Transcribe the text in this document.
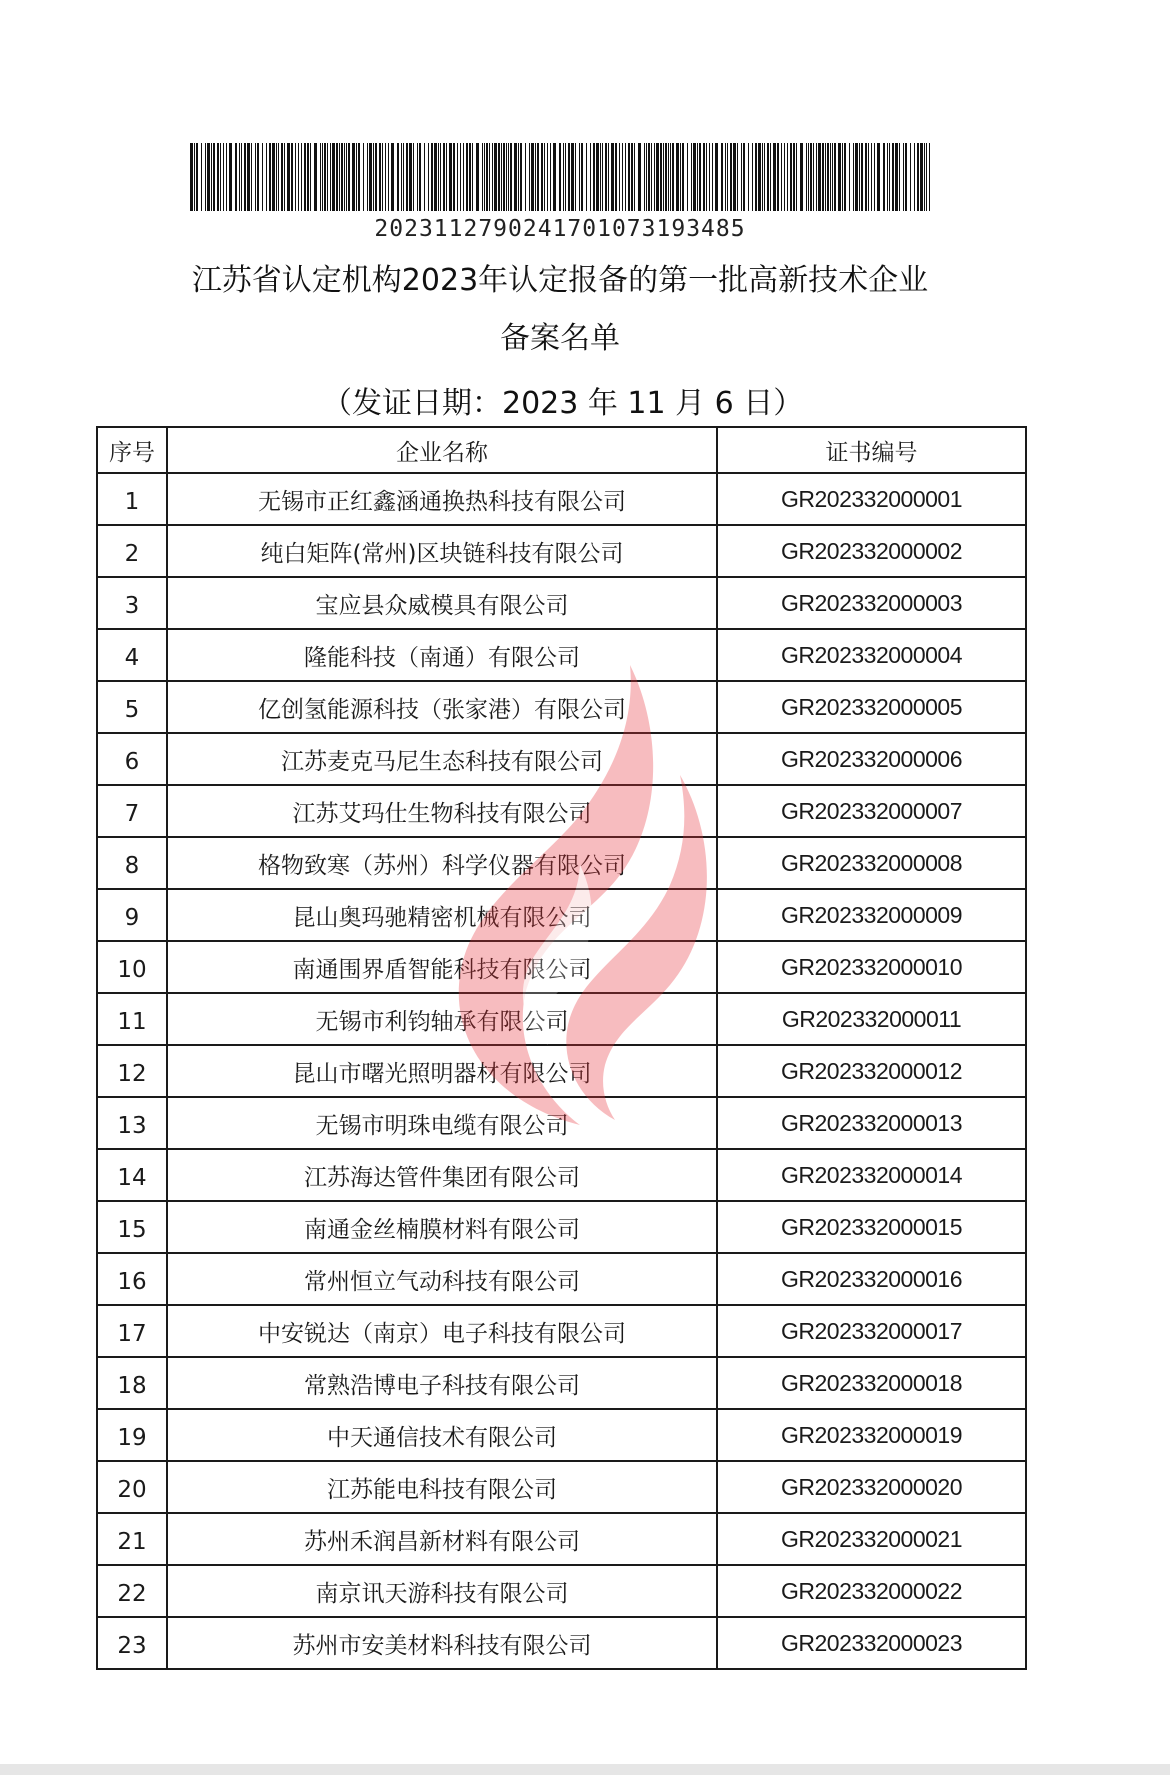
20231127902417010731934​85
江苏省认定机构2023年认定报备的第一批高新技术企业
备案名单
（发证日期：2023 年 11 月 6 日）
序号	企业名称	证书编号
1	无锡市正红鑫涵通换热科技有限公司	GR202332000001
2	纯白矩阵(常州)区块链科技有限公司	GR202332000002
3	宝应县众威模具有限公司	GR202332000003
4	隆能科技（南通）有限公司	GR202332000004
5	亿创氢能源科技（张家港）有限公司	GR202332000005
6	江苏麦克马尼生态科技有限公司	GR202332000006
7	江苏艾玛仕生物科技有限公司	GR202332000007
8	格物致寒（苏州）科学仪器有限公司	GR202332000008
9	昆山奥玛驰精密机械有限公司	GR202332000009
10	南通围界盾智能科技有限公司	GR202332000010
11	无锡市利钧轴承有限公司	GR202332000011
12	昆山市曙光照明器材有限公司	GR202332000012
13	无锡市明珠电缆有限公司	GR202332000013
14	江苏海达管件集团有限公司	GR202332000014
15	南通金丝楠膜材料有限公司	GR202332000015
16	常州恒立气动科技有限公司	GR202332000016
17	中安锐达（南京）电子科技有限公司	GR202332000017
18	常熟浩博电子科技有限公司	GR202332000018
19	中天通信技术有限公司	GR202332000019
20	江苏能电科技有限公司	GR202332000020
21	苏州禾润昌新材料有限公司	GR202332000021
22	南京讯天游科技有限公司	GR202332000022
23	苏州市安美材料科技有限公司	GR202332000023
